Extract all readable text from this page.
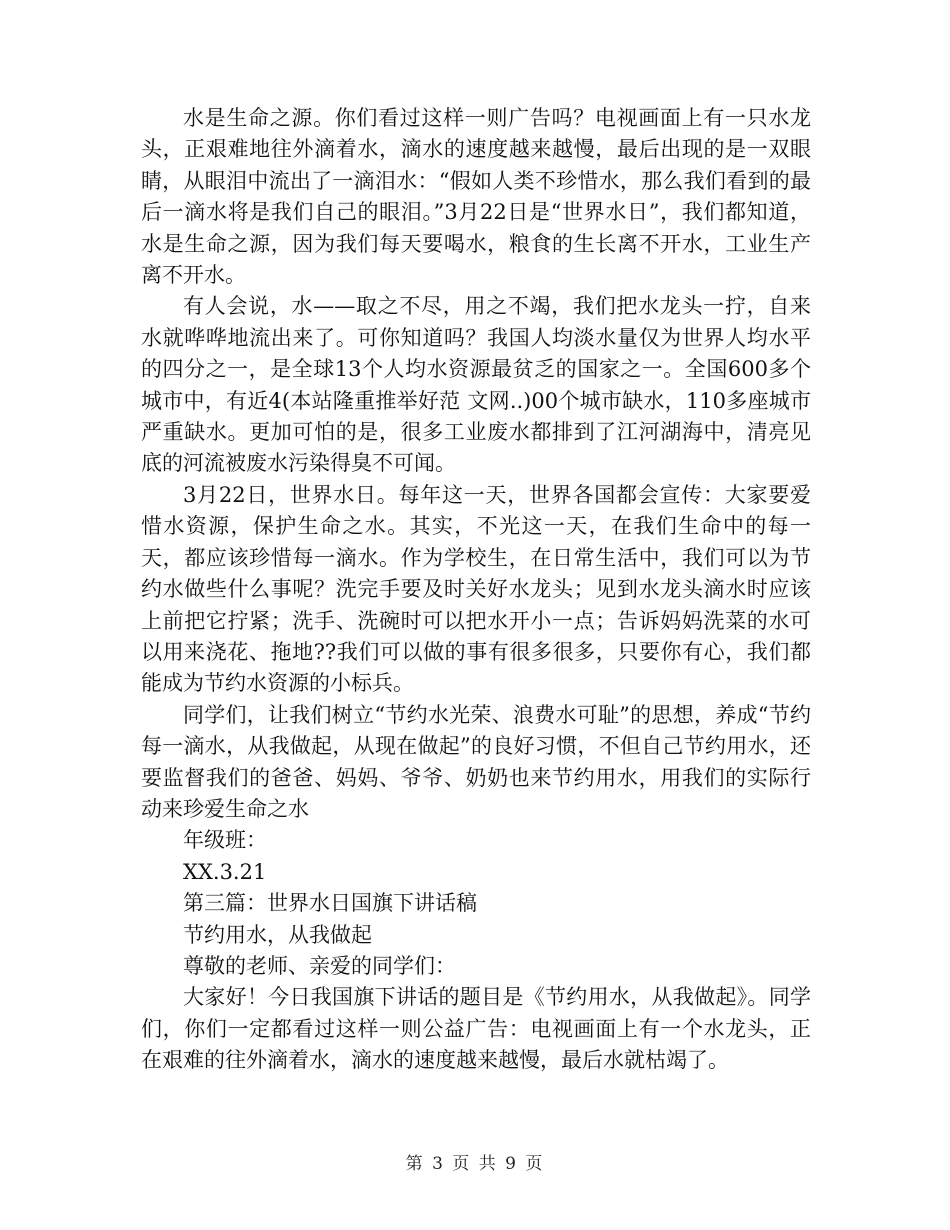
水是生命之源。你们看过这样一则广告吗？电视画面上有一只水龙头，正艰难地往外滴着水，滴水的速度越来越慢，最后出现的是一双眼睛，从眼泪中流出了一滴泪水：“假如人类不珍惜水，那么我们看到的最后一滴水将是我们自己的眼泪。”3月22日是“世界水日”，我们都知道，水是生命之源，因为我们每天要喝水，粮食的生长离不开水，工业生产离不开水。

有人会说，水——取之不尽，用之不竭，我们把水龙头一拧，自来水就哗哗地流出来了。可你知道吗？我国人均淡水量仅为世界人均水平的四分之一，是全球13个人均水资源最贫乏的国家之一。全国600多个城市中，有近4(本站隆重推举好范 文网..)00个城市缺水，110多座城市严重缺水。更加可怕的是，很多工业废水都排到了江河湖海中，清亮见底的河流被废水污染得臭不可闻。

3月22日，世界水日。每年这一天，世界各国都会宣传：大家要爱惜水资源，保护生命之水。其实，不光这一天，在我们生命中的每一天，都应该珍惜每一滴水。作为学校生，在日常生活中，我们可以为节约水做些什么事呢？洗完手要及时关好水龙头；见到水龙头滴水时应该上前把它拧紧；洗手、洗碗时可以把水开小一点；告诉妈妈洗菜的水可以用来浇花、拖地??我们可以做的事有很多很多，只要你有心，我们都能成为节约水资源的小标兵。

同学们，让我们树立“节约水光荣、浪费水可耻”的思想，养成“节约每一滴水，从我做起，从现在做起”的良好习惯，不但自己节约用水，还要监督我们的爸爸、妈妈、爷爷、奶奶也来节约用水，用我们的实际行动来珍爱生命之水

年级班：

XX.3.21

第三篇：世界水日国旗下讲话稿

节约用水，从我做起

尊敬的老师、亲爱的同学们：

大家好！今日我国旗下讲话的题目是《节约用水，从我做起》。同学们，你们一定都看过这样一则公益广告：电视画面上有一个水龙头，正在艰难的往外滴着水，滴水的速度越来越慢，最后水就枯竭了。

第 3 页 共 9 页
